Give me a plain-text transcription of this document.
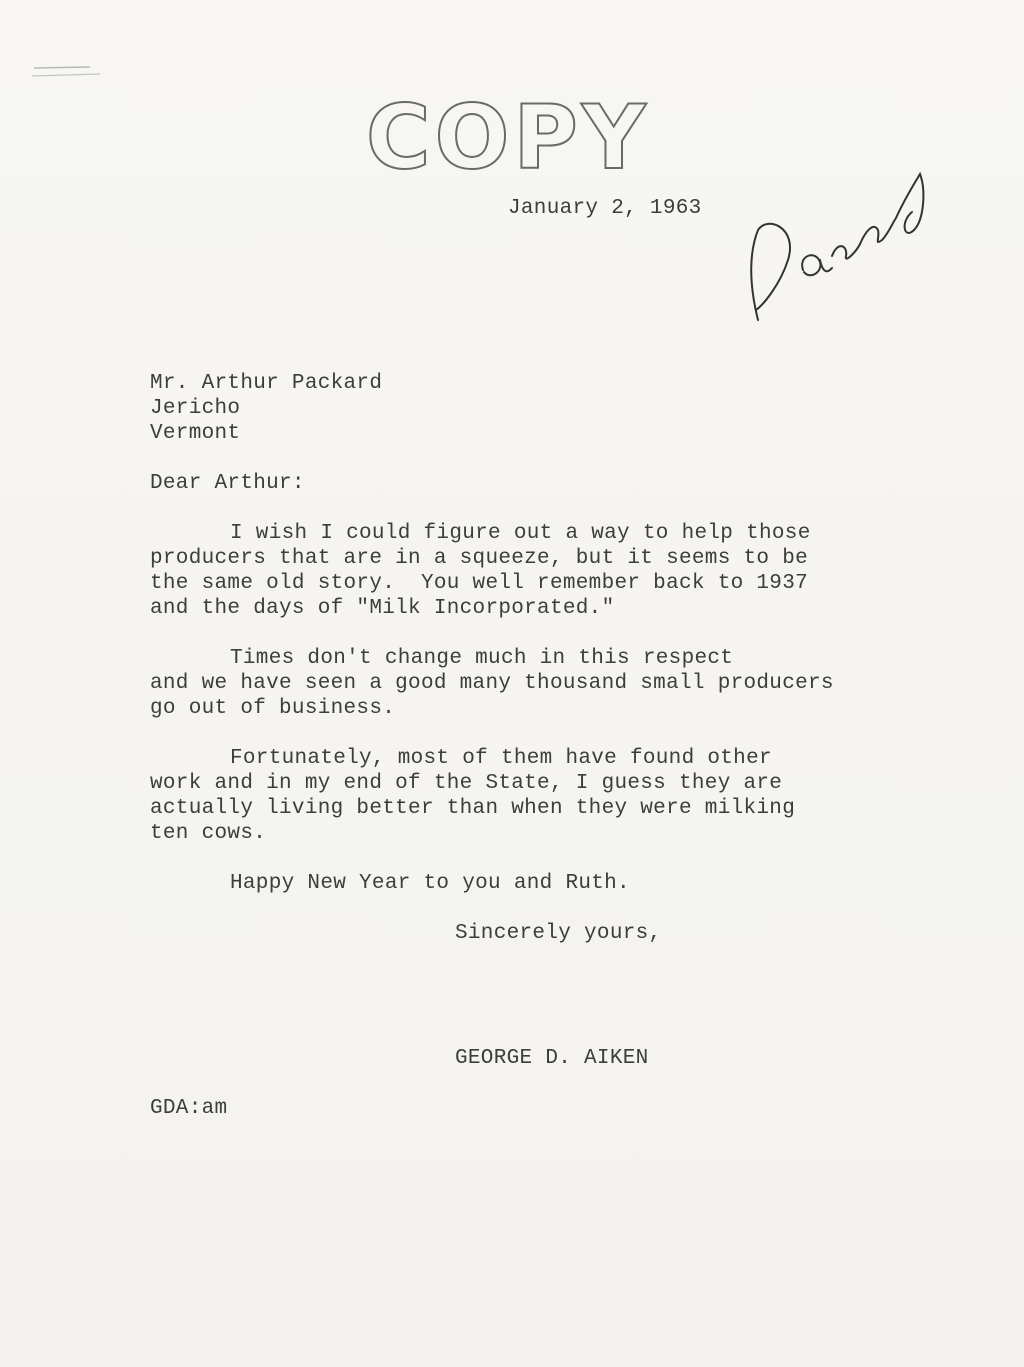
COPY
January 2, 1963
Mr. Arthur Packard
Jericho
Vermont
Dear Arthur:
I wish I could figure out a way to help those
producers that are in a squeeze, but it seems to be
the same old story.  You well remember back to 1937
and the days of "Milk Incorporated."
Times don't change much in this respect
and we have seen a good many thousand small producers
go out of business.
Fortunately, most of them have found other
work and in my end of the State, I guess they are
actually living better than when they were milking
ten cows.
Happy New Year to you and Ruth.
Sincerely yours,
GEORGE D. AIKEN
GDA:am
